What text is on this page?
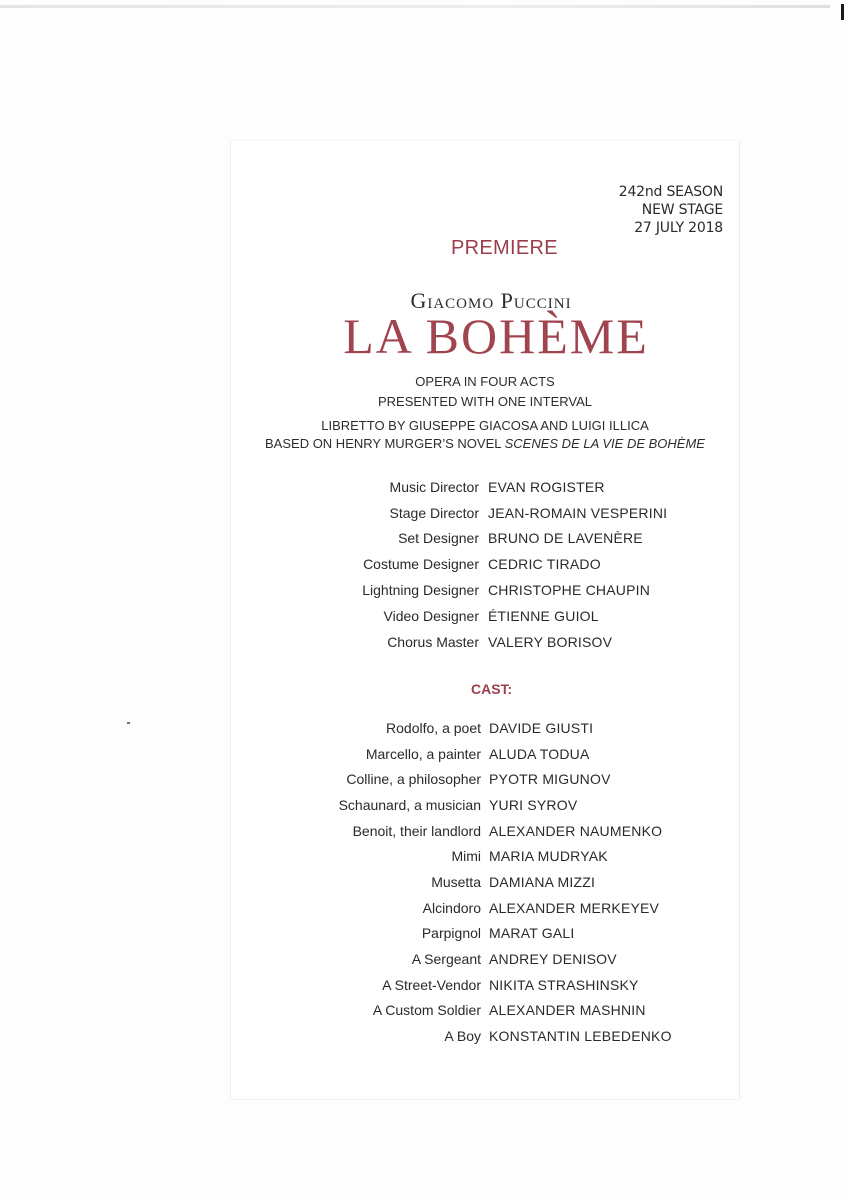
242nd SEASON
NEW STAGE
27 JULY 2018
PREMIERE
Giacomo Puccini
LA BOHÈME
OPERA IN FOUR ACTS
PRESENTED WITH ONE INTERVAL
LIBRETTO BY GIUSEPPE GIACOSA AND LUIGI ILLICA
BASED ON HENRY MURGER’S NOVEL SCENES DE LA VIE DE BOHÈME
Music Director EVAN ROGISTER
Stage Director JEAN-ROMAIN VESPERINI
Set Designer BRUNO DE LAVENÈRE
Costume Designer CEDRIC TIRADO
Lightning Designer CHRISTOPHE CHAUPIN
Video Designer ÉTIENNE GUIOL
Chorus Master VALERY BORISOV
CAST:
Rodolfo, a poet DAVIDE GIUSTI
Marcello, a painter ALUDA TODUA
Colline, a philosopher PYOTR MIGUNOV
Schaunard, a musician YURI SYROV
Benoit, their landlord ALEXANDER NAUMENKO
Mimi MARIA MUDRYAK
Musetta DAMIANA MIZZI
Alcindoro ALEXANDER MERKEYEV
Parpignol MARAT GALI
A Sergeant ANDREY DENISOV
A Street-Vendor NIKITA STRASHINSKY
A Custom Soldier ALEXANDER MASHNIN
A Boy KONSTANTIN LEBEDENKO
